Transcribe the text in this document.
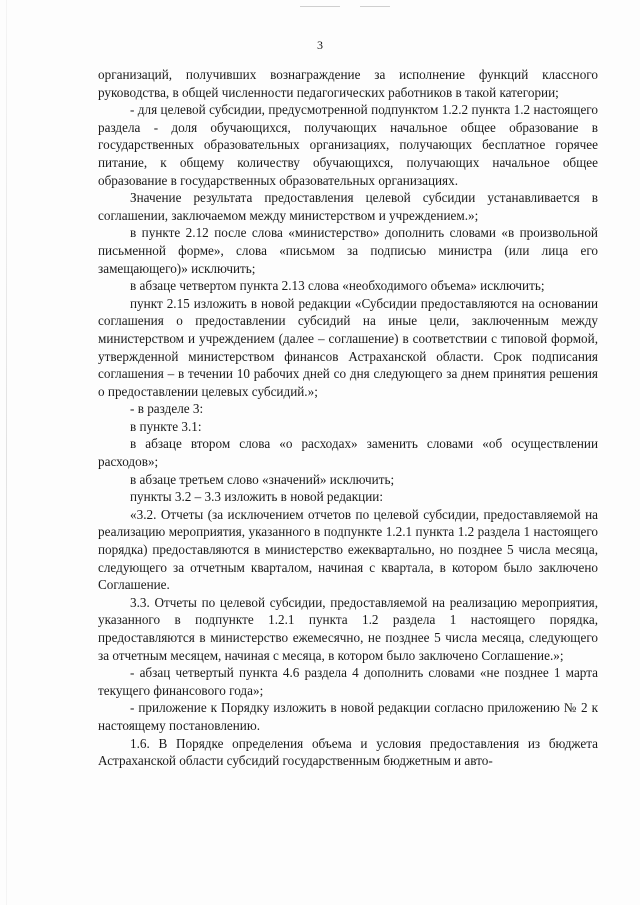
3

организаций, получивших вознаграждение за исполнение функций классного руководства, в общей численности педагогических работников в такой категории;

- для целевой субсидии, предусмотренной подпунктом 1.2.2 пункта 1.2 настоящего раздела - доля обучающихся, получающих начальное общее образование в государственных образовательных организациях, получающих бесплатное горячее питание, к общему количеству обучающихся, получающих начальное общее образование в государственных образовательных организациях.

Значение результата предоставления целевой субсидии устанавливается в соглашении, заключаемом между министерством и учреждением.»;

в пункте 2.12 после слова «министерство» дополнить словами «в произвольной письменной форме», слова «письмом за подписью министра (или лица его замещающего)» исключить;

в абзаце четвертом пункта 2.13 слова «необходимого объема» исключить;

пункт 2.15 изложить в новой редакции «Субсидии предоставляются на основании соглашения о предоставлении субсидий на иные цели, заключенным между министерством и учреждением (далее – соглашение) в соответствии с типовой формой, утвержденной министерством финансов Астраханской области. Срок подписания соглашения – в течении 10 рабочих дней со дня следующего за днем принятия решения о предоставлении целевых субсидий.»;

- в разделе 3:

в пункте 3.1:

в абзаце втором слова «о расходах» заменить словами «об осуществлении расходов»;

в абзаце третьем слово «значений» исключить;

пункты 3.2 – 3.3 изложить в новой редакции:

«3.2. Отчеты (за исключением отчетов по целевой субсидии, предоставляемой на реализацию мероприятия, указанного в подпункте 1.2.1 пункта 1.2 раздела 1 настоящего порядка) предоставляются в министерство ежеквартально, но позднее 5 числа месяца, следующего за отчетным кварталом, начиная с квартала, в котором было заключено Соглашение.

3.3. Отчеты по целевой субсидии, предоставляемой на реализацию мероприятия, указанного в подпункте 1.2.1 пункта 1.2 раздела 1 настоящего порядка, предоставляются в министерство ежемесячно, не позднее 5 числа месяца, следующего за отчетным месяцем, начиная с месяца, в котором было заключено Соглашение.»;

- абзац четвертый пункта 4.6 раздела 4 дополнить словами «не позднее 1 марта текущего финансового года»;

- приложение к Порядку изложить в новой редакции согласно приложению № 2 к настоящему постановлению.

1.6. В Порядке определения объема и условия предоставления из бюджета Астраханской области субсидий государственным бюджетным и авто-
